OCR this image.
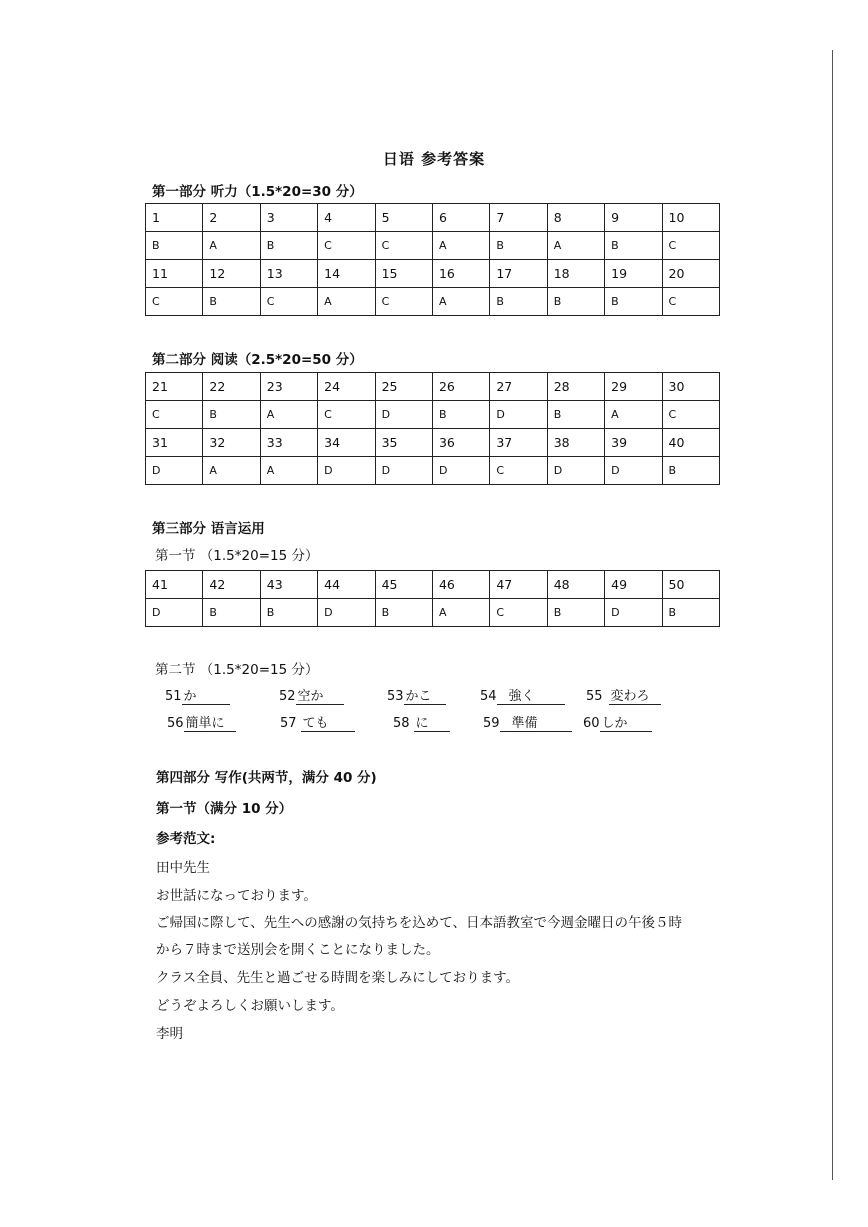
日语 参考答案
第一部分 听力（1.5*20=30 分）
1	2	3	4	5	6	7	8	9	10
B	A	B	C	C	A	B	A	B	C
11	12	13	14	15	16	17	18	19	20
C	B	C	A	C	A	B	B	B	C
第二部分 阅读（2.5*20=50 分）
21	22	23	24	25	26	27	28	29	30
C	B	A	C	D	B	D	B	A	C
31	32	33	34	35	36	37	38	39	40
D	A	A	D	D	D	C	D	D	B
第三部分 语言运用
第一节 （1.5*20=15 分）
41	42	43	44	45	46	47	48	49	50
D	B	B	D	B	A	C	B	D	B
第二节 （1.5*20=15 分）
51 か	52 空か	53 かこ	54 強く	55 変わろ
56 簡単に	57 ても	58 に	59 準備	60 しか
第四部分 写作(共两节，满分 40 分)
第一节（满分 10 分）
参考范文:
田中先生
お世話になっております。
ご帰国に際して、先生への感謝の気持ちを込めて、日本語教室で今週金曜日の午後５時
から７時まで送別会を開くことになりました。
クラス全員、先生と過ごせる時間を楽しみにしております。
どうぞよろしくお願いします。
李明
